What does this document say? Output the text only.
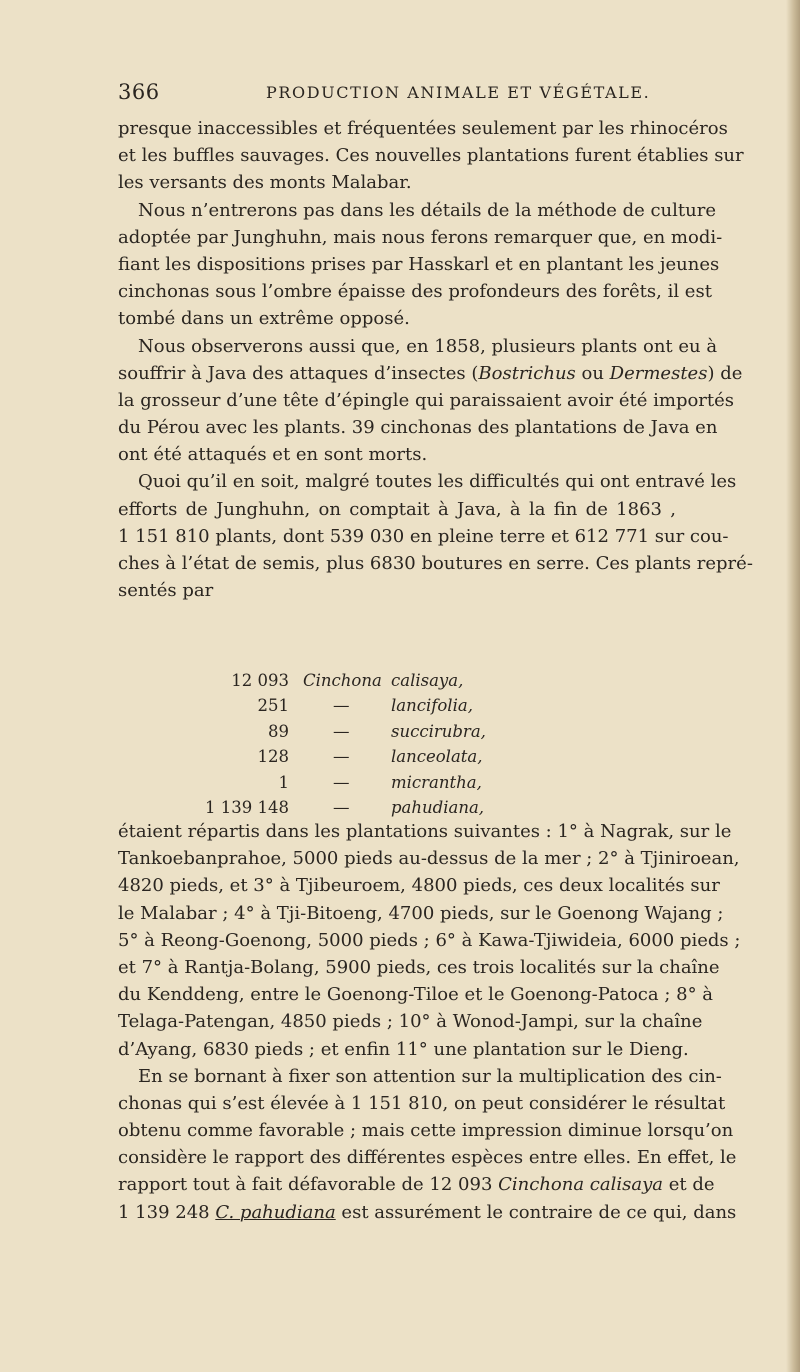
366	PRODUCTION ANIMALE ET VÉGÉTALE.
presque inaccessibles et fréquentées seulement par les rhinocéros
et les buffles sauvages. Ces nouvelles plantations furent établies sur
les versants des monts Malabar.
Nous n’entrerons pas dans les détails de la méthode de culture
adoptée par Junghuhn, mais nous ferons remarquer que, en modi-
fiant les dispositions prises par Hasskarl et en plantant les jeunes
cinchonas sous l’ombre épaisse des profondeurs des forêts, il est
tombé dans un extrême opposé.
Nous observerons aussi que, en 1858, plusieurs plants ont eu à
souffrir à Java des attaques d’insectes (Bostrichus ou Dermestes) de
la grosseur d’une tête d’épingle qui paraissaient avoir été importés
du Pérou avec les plants. 39 cinchonas des plantations de Java en
ont été attaqués et en sont morts.
Quoi qu’il en soit, malgré toutes les difficultés qui ont entravé les
efforts de Junghuhn, on comptait à Java, à la fin de 1863 ,
1 151 810 plants, dont 539 030 en pleine terre et 612 771 sur cou-
ches à l’état de semis, plus 6830 boutures en serre. Ces plants repré-
sentés par
12 093 Cinchona calisaya,
251	—	lancifolia,
89	—	succirubra,
128	—	lanceolata,
1	—	micrantha,
1 139 148	—	pahudiana,
étaient répartis dans les plantations suivantes : 1° à Nagrak, sur le
Tankoebanprahoe, 5000 pieds au-dessus de la mer ; 2° à Tjiniroean,
4820 pieds, et 3° à Tjibeuroem, 4800 pieds, ces deux localités sur
le Malabar ; 4° à Tji-Bitoeng, 4700 pieds, sur le Goenong Wajang ;
5° à Reong-Goenong, 5000 pieds ; 6° à Kawa-Tjiwideia, 6000 pieds ;
et 7° à Rantja-Bolang, 5900 pieds, ces trois localités sur la chaîne
du Kenddeng, entre le Goenong-Tiloe et le Goenong-Patoca ; 8° à
Telaga-Patengan, 4850 pieds ; 10° à Wonod-Jampi, sur la chaîne
d’Ayang, 6830 pieds ; et enfin 11° une plantation sur le Dieng.
En se bornant à fixer son attention sur la multiplication des cin-
chonas qui s’est élevée à 1 151 810, on peut considérer le résultat
obtenu comme favorable ; mais cette impression diminue lorsqu’on
considère le rapport des différentes espèces entre elles. En effet, le
rapport tout à fait défavorable de 12 093 Cinchona calisaya et de
1 139 248 C. pahudiana est assurément le contraire de ce qui, dans
